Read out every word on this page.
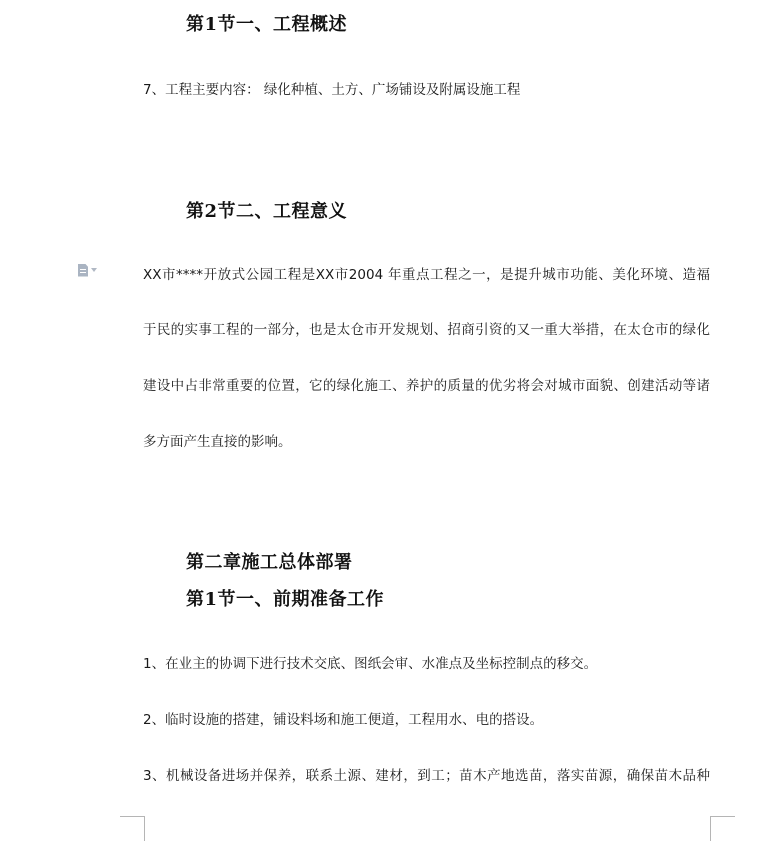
第1节一、工程概述
7、工程主要内容： 绿化种植、土方、广场铺设及附属设施工程
第2节二、工程意义
XX市****开放式公园工程是XX市2004 年重点工程之一，是提升城市功能、美化环境、造福
于民的实事工程的一部分，也是太仓市开发规划、招商引资的又一重大举措，在太仓市的绿化
建设中占非常重要的位置，它的绿化施工、养护的质量的优劣将会对城市面貌、创建活动等诸
多方面产生直接的影响。
第二章施工总体部署
第1节一、前期准备工作
1、在业主的协调下进行技术交底、图纸会审、水准点及坐标控制点的移交。
2、临时设施的搭建，铺设料场和施工便道，工程用水、电的搭设。
3、机械设备进场并保养，联系土源、建材，到工；苗木产地选苗，落实苗源，确保苗木品种
